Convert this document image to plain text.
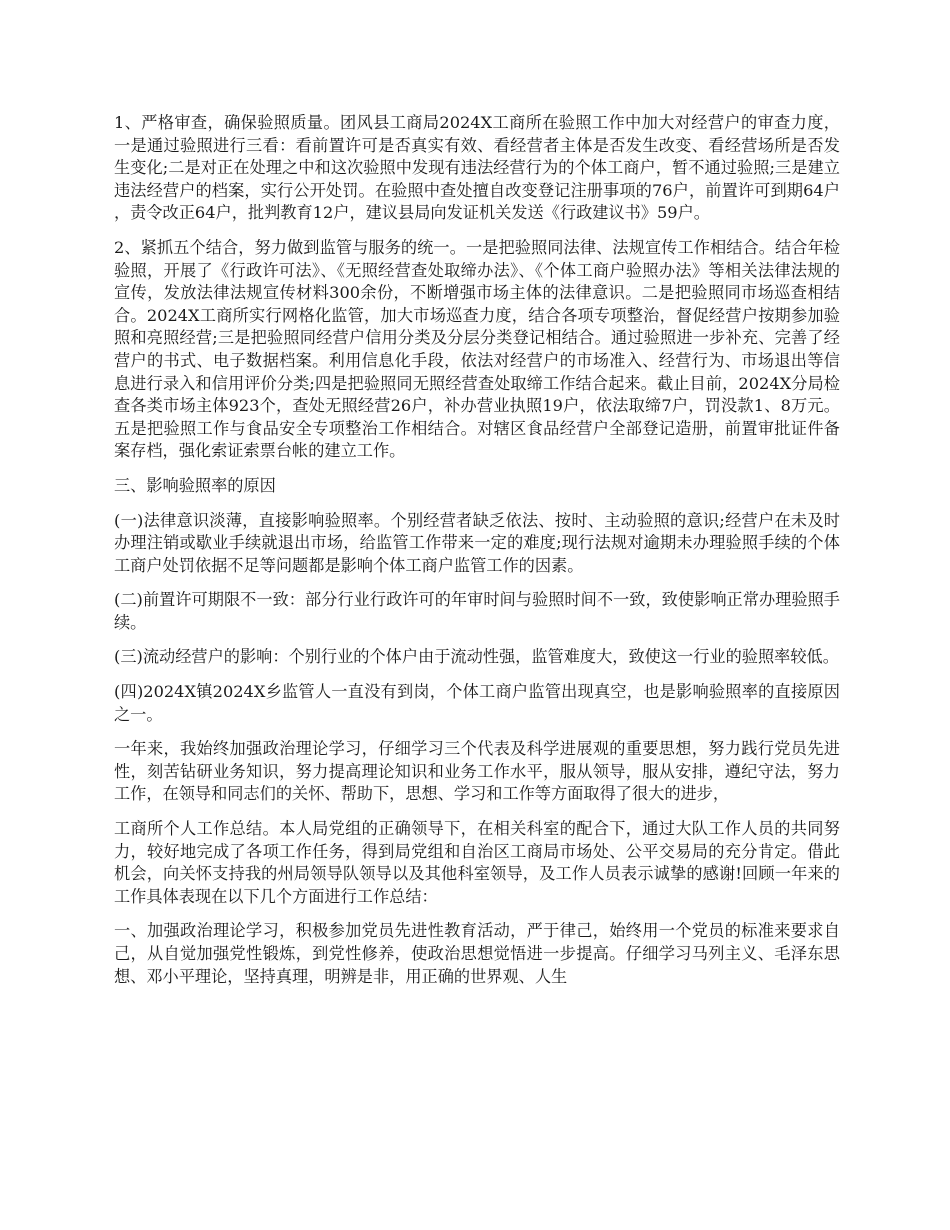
1、严格审查，确保验照质量。团风县工商局2024X工商所在验照工作中加大对经营户的审查力度，一是通过验照进行三看：看前置许可是否真实有效、看经营者主体是否发生改变、看经营场所是否发生变化;二是对正在处理之中和这次验照中发现有违法经营行为的个体工商户，暂不通过验照;三是建立违法经营户的档案，实行公开处罚。在验照中查处擅自改变登记注册事项的76户，前置许可到期64户，责令改正64户，批判教育12户，建议县局向发证机关发送《行政建议书》59户。

2、紧抓五个结合，努力做到监管与服务的统一。一是把验照同法律、法规宣传工作相结合。结合年检验照，开展了《行政许可法》、《无照经营查处取缔办法》、《个体工商户验照办法》等相关法律法规的宣传，发放法律法规宣传材料300余份，不断增强市场主体的法律意识。二是把验照同市场巡查相结合。2024X工商所实行网格化监管，加大市场巡查力度，结合各项专项整治，督促经营户按期参加验照和亮照经营;三是把验照同经营户信用分类及分层分类登记相结合。通过验照进一步补充、完善了经营户的书式、电子数据档案。利用信息化手段，依法对经营户的市场准入、经营行为、市场退出等信息进行录入和信用评价分类;四是把验照同无照经营查处取缔工作结合起来。截止目前，2024X分局检查各类市场主体923个，查处无照经营26户，补办营业执照19户，依法取缔7户，罚没款1、8万元。五是把验照工作与食品安全专项整治工作相结合。对辖区食品经营户全部登记造册，前置审批证件备案存档，强化索证索票台帐的建立工作。

三、影响验照率的原因

(一)法律意识淡薄，直接影响验照率。个别经营者缺乏依法、按时、主动验照的意识;经营户在未及时办理注销或歇业手续就退出市场，给监管工作带来一定的难度;现行法规对逾期未办理验照手续的个体工商户处罚依据不足等问题都是影响个体工商户监管工作的因素。

(二)前置许可期限不一致：部分行业行政许可的年审时间与验照时间不一致，致使影响正常办理验照手续。

(三)流动经营户的影响：个别行业的个体户由于流动性强，监管难度大，致使这一行业的验照率较低。

(四)2024X镇2024X乡监管人一直没有到岗，个体工商户监管出现真空，也是影响验照率的直接原因之一。

一年来，我始终加强政治理论学习，仔细学习三个代表及科学进展观的重要思想，努力践行党员先进性，刻苦钻研业务知识，努力提高理论知识和业务工作水平，服从领导，服从安排，遵纪守法，努力工作，在领导和同志们的关怀、帮助下，思想、学习和工作等方面取得了很大的进步，

工商所个人工作总结。本人局党组的正确领导下，在相关科室的配合下，通过大队工作人员的共同努力，较好地完成了各项工作任务，得到局党组和自治区工商局市场处、公平交易局的充分肯定。借此机会，向关怀支持我的州局领导队领导以及其他科室领导，及工作人员表示诚挚的感谢!回顾一年来的工作具体表现在以下几个方面进行工作总结：

一、加强政治理论学习，积极参加党员先进性教育活动，严于律己，始终用一个党员的标准来要求自己，从自觉加强党性锻炼，到党性修养，使政治思想觉悟进一步提高。仔细学习马列主义、毛泽东思想、邓小平理论，坚持真理，明辨是非，用正确的世界观、人生
